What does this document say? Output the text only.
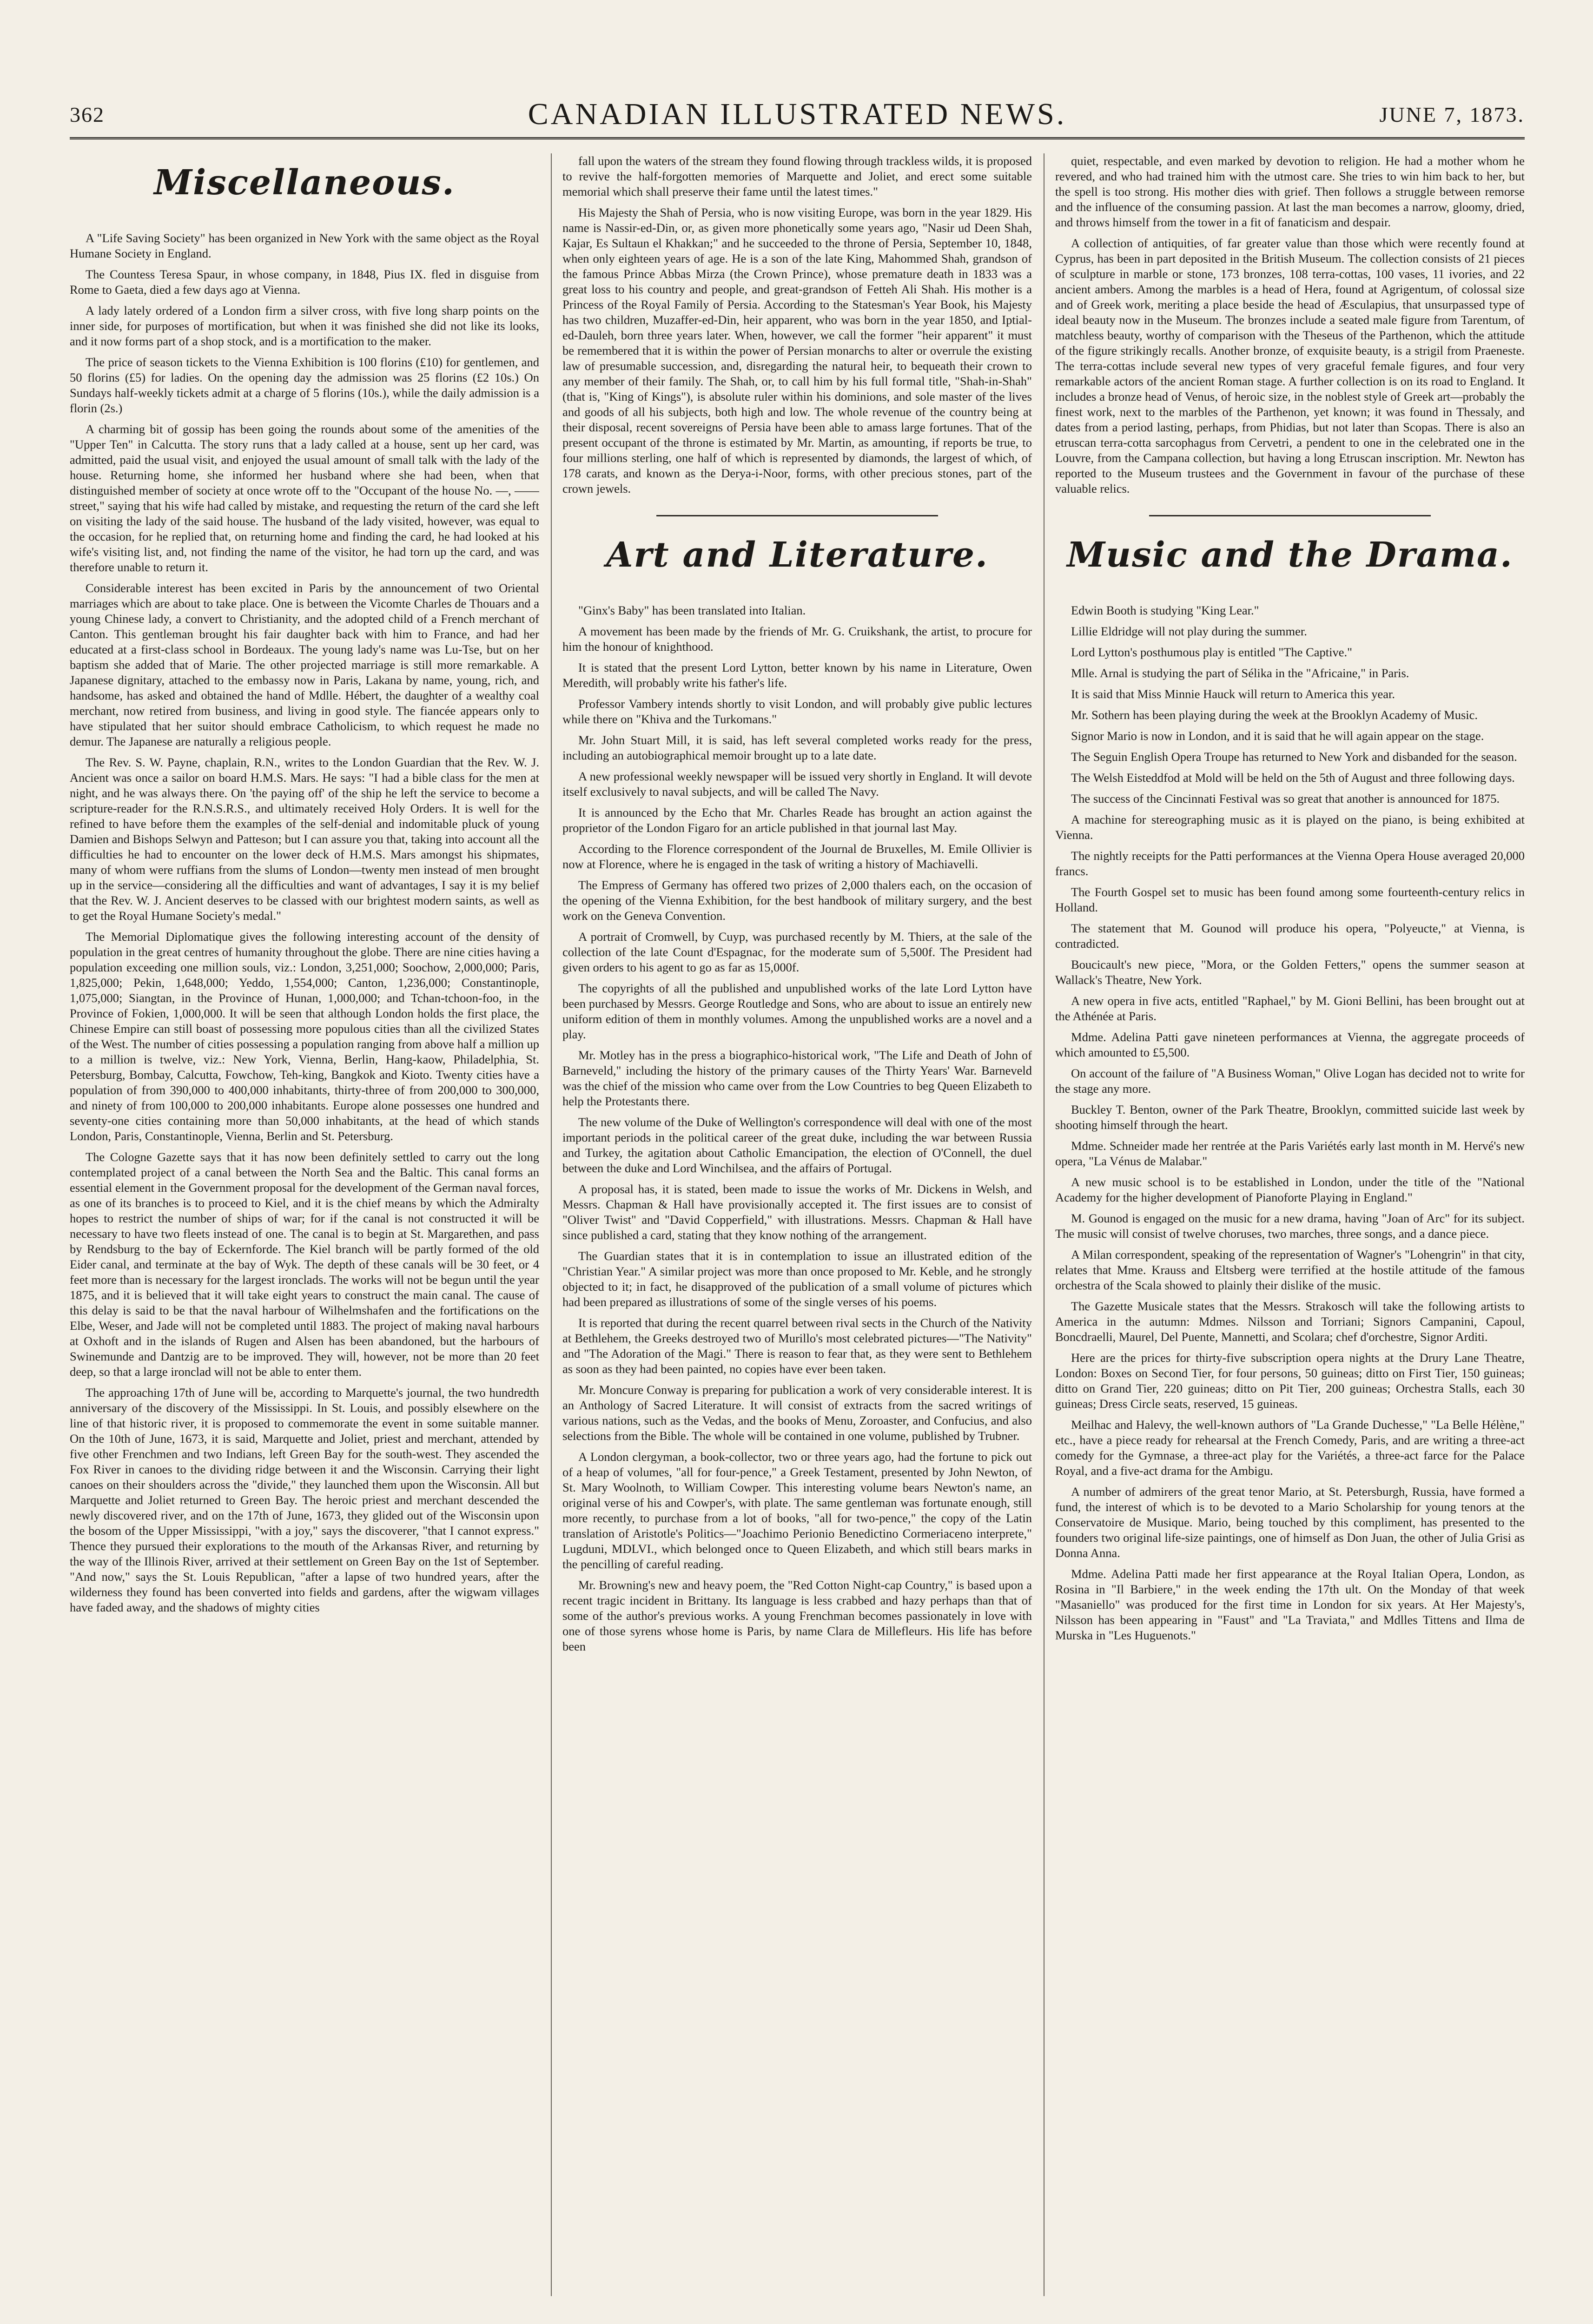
362	CANADIAN ILLUSTRATED NEWS.	JUNE 7, 1873.
Miscellaneous.

A "Life Saving Society" has been organized in New York with the same object as the Royal Humane Society in England.

The Countess Teresa Spaur, in whose company, in 1848, Pius IX. fled in disguise from Rome to Gaeta, died a few days ago at Vienna.

A lady lately ordered of a London firm a silver cross, with five long sharp points on the inner side, for purposes of mortification, but when it was finished she did not like its looks, and it now forms part of a shop stock, and is a mortification to the maker.

The price of season tickets to the Vienna Exhibition is 100 florins (£10) for gentlemen, and 50 florins (£5) for ladies. On the opening day the admission was 25 florins (£2 10s.) On Sundays half-weekly tickets admit at a charge of 5 florins (10s.), while the daily admission is a florin (2s.)

A charming bit of gossip has been going the rounds about some of the amenities of the "Upper Ten" in Calcutta. The story runs that a lady called at a house, sent up her card, was admitted, paid the usual visit, and enjoyed the usual amount of small talk with the lady of the house. Returning home, she informed her husband where she had been, when that distinguished member of society at once wrote off to the "Occupant of the house No. —, —— street," saying that his wife had called by mistake, and requesting the return of the card she left on visiting the lady of the said house. The husband of the lady visited, however, was equal to the occasion, for he replied that, on returning home and finding the card, he had looked at his wife's visiting list, and, not finding the name of the visitor, he had torn up the card, and was therefore unable to return it.

Considerable interest has been excited in Paris by the announcement of two Oriental marriages which are about to take place. One is between the Vicomte Charles de Thouars and a young Chinese lady, a convert to Christianity, and the adopted child of a French merchant of Canton. This gentleman brought his fair daughter back with him to France, and had her educated at a first-class school in Bordeaux. The young lady's name was Lu-Tse, but on her baptism she added that of Marie. The other projected marriage is still more remarkable. A Japanese dignitary, attached to the embassy now in Paris, Lakana by name, young, rich, and handsome, has asked and obtained the hand of Mdlle. Hébert, the daughter of a wealthy coal merchant, now retired from business, and living in good style. The fiancée appears only to have stipulated that her suitor should embrace Catholicism, to which request he made no demur. The Japanese are naturally a religious people.

The Rev. S. W. Payne, chaplain, R.N., writes to the London Guardian that the Rev. W. J. Ancient was once a sailor on board H.M.S. Mars. He says: "I had a bible class for the men at night, and he was always there. On 'the paying off' of the ship he left the service to become a scripture-reader for the R.N.S.R.S., and ultimately received Holy Orders. It is well for the refined to have before them the examples of the self-denial and indomitable pluck of young Damien and Bishops Selwyn and Patteson; but I can assure you that, taking into account all the difficulties he had to encounter on the lower deck of H.M.S. Mars amongst his shipmates, many of whom were ruffians from the slums of London—twenty men instead of men brought up in the service—considering all the difficulties and want of advantages, I say it is my belief that the Rev. W. J. Ancient deserves to be classed with our brightest modern saints, as well as to get the Royal Humane Society's medal."

The Memorial Diplomatique gives the following interesting account of the density of population in the great centres of humanity throughout the globe. There are nine cities having a population exceeding one million souls, viz.: London, 3,251,000; Soochow, 2,000,000; Paris, 1,825,000; Pekin, 1,648,000; Yeddo, 1,554,000; Canton, 1,236,000; Constantinople, 1,075,000; Siangtan, in the Province of Hunan, 1,000,000; and Tchan-tchoon-foo, in the Province of Fokien, 1,000,000. It will be seen that although London holds the first place, the Chinese Empire can still boast of possessing more populous cities than all the civilized States of the West. The number of cities possessing a population ranging from above half a million up to a million is twelve, viz.: New York, Vienna, Berlin, Hang-kaow, Philadelphia, St. Petersburg, Bombay, Calcutta, Fowchow, Teh-king, Bangkok and Kioto. Twenty cities have a population of from 390,000 to 400,000 inhabitants, thirty-three of from 200,000 to 300,000, and ninety of from 100,000 to 200,000 inhabitants. Europe alone possesses one hundred and seventy-one cities containing more than 50,000 inhabitants, at the head of which stands London, Paris, Constantinople, Vienna, Berlin and St. Petersburg.

The Cologne Gazette says that it has now been definitely settled to carry out the long contemplated project of a canal between the North Sea and the Baltic. This canal forms an essential element in the Government proposal for the development of the German naval forces, as one of its branches is to proceed to Kiel, and it is the chief means by which the Admiralty hopes to restrict the number of ships of war; for if the canal is not constructed it will be necessary to have two fleets instead of one. The canal is to begin at St. Margarethen, and pass by Rendsburg to the bay of Eckernforde. The Kiel branch will be partly formed of the old Eider canal, and terminate at the bay of Wyk. The depth of these canals will be 30 feet, or 4 feet more than is necessary for the largest ironclads. The works will not be begun until the year 1875, and it is believed that it will take eight years to construct the main canal. The cause of this delay is said to be that the naval harbour of Wilhelmshafen and the fortifications on the Elbe, Weser, and Jade will not be completed until 1883. The project of making naval harbours at Oxhoft and in the islands of Rugen and Alsen has been abandoned, but the harbours of Swinemunde and Dantzig are to be improved. They will, however, not be more than 20 feet deep, so that a large ironclad will not be able to enter them.

The approaching 17th of June will be, according to Marquette's journal, the two hundredth anniversary of the discovery of the Mississippi. In St. Louis, and possibly elsewhere on the line of that historic river, it is proposed to commemorate the event in some suitable manner. On the 10th of June, 1673, it is said, Marquette and Joliet, priest and merchant, attended by five other Frenchmen and two Indians, left Green Bay for the south-west. They ascended the Fox River in canoes to the dividing ridge between it and the Wisconsin. Carrying their light canoes on their shoulders across the "divide," they launched them upon the Wisconsin. All but Marquette and Joliet returned to Green Bay. The heroic priest and merchant descended the newly discovered river, and on the 17th of June, 1673, they glided out of the Wisconsin upon the bosom of the Upper Mississippi, "with a joy," says the discoverer, "that I cannot express." Thence they pursued their explorations to the mouth of the Arkansas River, and returning by the way of the Illinois River, arrived at their settlement on Green Bay on the 1st of September. "And now," says the St. Louis Republican, "after a lapse of two hundred years, after the wilderness they found has been converted into fields and gardens, after the wigwam villages have faded away, and the shadows of mighty cities

fall upon the waters of the stream they found flowing through trackless wilds, it is proposed to revive the half-forgotten memories of Marquette and Joliet, and erect some suitable memorial which shall preserve their fame until the latest times."

His Majesty the Shah of Persia, who is now visiting Europe, was born in the year 1829. His name is Nassir-ed-Din, or, as given more phonetically some years ago, "Nasir ud Deen Shah, Kajar, Es Sultaun el Khakkan;" and he succeeded to the throne of Persia, September 10, 1848, when only eighteen years of age. He is a son of the late King, Mahommed Shah, grandson of the famous Prince Abbas Mirza (the Crown Prince), whose premature death in 1833 was a great loss to his country and people, and great-grandson of Fetteh Ali Shah. His mother is a Princess of the Royal Family of Persia. According to the Statesman's Year Book, his Majesty has two children, Muzaffer-ed-Din, heir apparent, who was born in the year 1850, and Iptial-ed-Dauleh, born three years later. When, however, we call the former "heir apparent" it must be remembered that it is within the power of Persian monarchs to alter or overrule the existing law of presumable succession, and, disregarding the natural heir, to bequeath their crown to any member of their family. The Shah, or, to call him by his full formal title, "Shah-in-Shah" (that is, "King of Kings"), is absolute ruler within his dominions, and sole master of the lives and goods of all his subjects, both high and low. The whole revenue of the country being at their disposal, recent sovereigns of Persia have been able to amass large fortunes. That of the present occupant of the throne is estimated by Mr. Martin, as amounting, if reports be true, to four millions sterling, one half of which is represented by diamonds, the largest of which, of 178 carats, and known as the Derya-i-Noor, forms, with other precious stones, part of the crown jewels.

Art and Literature.

"Ginx's Baby" has been translated into Italian.

A movement has been made by the friends of Mr. G. Cruikshank, the artist, to procure for him the honour of knighthood.

It is stated that the present Lord Lytton, better known by his name in Literature, Owen Meredith, will probably write his father's life.

Professor Vambery intends shortly to visit London, and will probably give public lectures while there on "Khiva and the Turkomans."

Mr. John Stuart Mill, it is said, has left several completed works ready for the press, including an autobiographical memoir brought up to a late date.

A new professional weekly newspaper will be issued very shortly in England. It will devote itself exclusively to naval subjects, and will be called The Navy.

It is announced by the Echo that Mr. Charles Reade has brought an action against the proprietor of the London Figaro for an article published in that journal last May.

According to the Florence correspondent of the Journal de Bruxelles, M. Emile Ollivier is now at Florence, where he is engaged in the task of writing a history of Machiavelli.

The Empress of Germany has offered two prizes of 2,000 thalers each, on the occasion of the opening of the Vienna Exhibition, for the best handbook of military surgery, and the best work on the Geneva Convention.

A portrait of Cromwell, by Cuyp, was purchased recently by M. Thiers, at the sale of the collection of the late Count d'Espagnac, for the moderate sum of 5,500f. The President had given orders to his agent to go as far as 15,000f.

The copyrights of all the published and unpublished works of the late Lord Lytton have been purchased by Messrs. George Routledge and Sons, who are about to issue an entirely new uniform edition of them in monthly volumes. Among the unpublished works are a novel and a play.

Mr. Motley has in the press a biographico-historical work, "The Life and Death of John of Barneveld," including the history of the primary causes of the Thirty Years' War. Barneveld was the chief of the mission who came over from the Low Countries to beg Queen Elizabeth to help the Protestants there.

The new volume of the Duke of Wellington's correspondence will deal with one of the most important periods in the political career of the great duke, including the war between Russia and Turkey, the agitation about Catholic Emancipation, the election of O'Connell, the duel between the duke and Lord Winchilsea, and the affairs of Portugal.

A proposal has, it is stated, been made to issue the works of Mr. Dickens in Welsh, and Messrs. Chapman & Hall have provisionally accepted it. The first issues are to consist of "Oliver Twist" and "David Copperfield," with illustrations. Messrs. Chapman & Hall have since published a card, stating that they know nothing of the arrangement.

The Guardian states that it is in contemplation to issue an illustrated edition of the "Christian Year." A similar project was more than once proposed to Mr. Keble, and he strongly objected to it; in fact, he disapproved of the publication of a small volume of pictures which had been prepared as illustrations of some of the single verses of his poems.

It is reported that during the recent quarrel between rival sects in the Church of the Nativity at Bethlehem, the Greeks destroyed two of Murillo's most celebrated pictures—"The Nativity" and "The Adoration of the Magi." There is reason to fear that, as they were sent to Bethlehem as soon as they had been painted, no copies have ever been taken.

Mr. Moncure Conway is preparing for publication a work of very considerable interest. It is an Anthology of Sacred Literature. It will consist of extracts from the sacred writings of various nations, such as the Vedas, and the books of Menu, Zoroaster, and Confucius, and also selections from the Bible. The whole will be contained in one volume, published by Trubner.

A London clergyman, a book-collector, two or three years ago, had the fortune to pick out of a heap of volumes, "all for four-pence," a Greek Testament, presented by John Newton, of St. Mary Woolnoth, to William Cowper. This interesting volume bears Newton's name, an original verse of his and Cowper's, with plate. The same gentleman was fortunate enough, still more recently, to purchase from a lot of books, "all for two-pence," the copy of the Latin translation of Aristotle's Politics—"Joachimo Perionio Benedictino Cormeriaceno interprete," Lugduni, MDLVI., which belonged once to Queen Elizabeth, and which still bears marks in the pencilling of careful reading.

Mr. Browning's new and heavy poem, the "Red Cotton Night-cap Country," is based upon a recent tragic incident in Brittany. Its language is less crabbed and hazy perhaps than that of some of the author's previous works. A young Frenchman becomes passionately in love with one of those syrens whose home is Paris, by name Clara de Millefleurs. His life has before been

quiet, respectable, and even marked by devotion to religion. He had a mother whom he revered, and who had trained him with the utmost care. She tries to win him back to her, but the spell is too strong. His mother dies with grief. Then follows a struggle between remorse and the influence of the consuming passion. At last the man becomes a narrow, gloomy, dried, and throws himself from the tower in a fit of fanaticism and despair.

A collection of antiquities, of far greater value than those which were recently found at Cyprus, has been in part deposited in the British Museum. The collection consists of 21 pieces of sculpture in marble or stone, 173 bronzes, 108 terra-cottas, 100 vases, 11 ivories, and 22 ancient ambers. Among the marbles is a head of Hera, found at Agrigentum, of colossal size and of Greek work, meriting a place beside the head of Æsculapius, that unsurpassed type of ideal beauty now in the Museum. The bronzes include a seated male figure from Tarentum, of matchless beauty, worthy of comparison with the Theseus of the Parthenon, which the attitude of the figure strikingly recalls. Another bronze, of exquisite beauty, is a strigil from Praeneste. The terra-cottas include several new types of very graceful female figures, and four very remarkable actors of the ancient Roman stage. A further collection is on its road to England. It includes a bronze head of Venus, of heroic size, in the noblest style of Greek art—probably the finest work, next to the marbles of the Parthenon, yet known; it was found in Thessaly, and dates from a period lasting, perhaps, from Phidias, but not later than Scopas. There is also an etruscan terra-cotta sarcophagus from Cervetri, a pendent to one in the celebrated one in the Louvre, from the Campana collection, but having a long Etruscan inscription. Mr. Newton has reported to the Museum trustees and the Government in favour of the purchase of these valuable relics.

Music and the Drama.

Edwin Booth is studying "King Lear."

Lillie Eldridge will not play during the summer.

Lord Lytton's posthumous play is entitled "The Captive."

Mlle. Arnal is studying the part of Sélika in the "Africaine," in Paris.

It is said that Miss Minnie Hauck will return to America this year.

Mr. Sothern has been playing during the week at the Brooklyn Academy of Music.

Signor Mario is now in London, and it is said that he will again appear on the stage.

The Seguin English Opera Troupe has returned to New York and disbanded for the season.

The Welsh Eisteddfod at Mold will be held on the 5th of August and three following days.

The success of the Cincinnati Festival was so great that another is announced for 1875.

A machine for stereographing music as it is played on the piano, is being exhibited at Vienna.

The nightly receipts for the Patti performances at the Vienna Opera House averaged 20,000 francs.

The Fourth Gospel set to music has been found among some fourteenth-century relics in Holland.

The statement that M. Gounod will produce his opera, "Polyeucte," at Vienna, is contradicted.

Boucicault's new piece, "Mora, or the Golden Fetters," opens the summer season at Wallack's Theatre, New York.

A new opera in five acts, entitled "Raphael," by M. Gioni Bellini, has been brought out at the Athénée at Paris.

Mdme. Adelina Patti gave nineteen performances at Vienna, the aggregate proceeds of which amounted to £5,500.

On account of the failure of "A Business Woman," Olive Logan has decided not to write for the stage any more.

Buckley T. Benton, owner of the Park Theatre, Brooklyn, committed suicide last week by shooting himself through the heart.

Mdme. Schneider made her rentrée at the Paris Variétés early last month in M. Hervé's new opera, "La Vénus de Malabar."

A new music school is to be established in London, under the title of the "National Academy for the higher development of Pianoforte Playing in England."

M. Gounod is engaged on the music for a new drama, having "Joan of Arc" for its subject. The music will consist of twelve choruses, two marches, three songs, and a dance piece.

A Milan correspondent, speaking of the representation of Wagner's "Lohengrin" in that city, relates that Mme. Krauss and Eltsberg were terrified at the hostile attitude of the famous orchestra of the Scala showed to plainly their dislike of the music.

The Gazette Musicale states that the Messrs. Strakosch will take the following artists to America in the autumn: Mdmes. Nilsson and Torriani; Signors Campanini, Capoul, Boncdraelli, Maurel, Del Puente, Mannetti, and Scolara; chef d'orchestre, Signor Arditi.

Here are the prices for thirty-five subscription opera nights at the Drury Lane Theatre, London: Boxes on Second Tier, for four persons, 50 guineas; ditto on First Tier, 150 guineas; ditto on Grand Tier, 220 guineas; ditto on Pit Tier, 200 guineas; Orchestra Stalls, each 30 guineas; Dress Circle seats, reserved, 15 guineas.

Meilhac and Halevy, the well-known authors of "La Grande Duchesse," "La Belle Hélène," etc., have a piece ready for rehearsal at the French Comedy, Paris, and are writing a three-act comedy for the Gymnase, a three-act play for the Variétés, a three-act farce for the Palace Royal, and a five-act drama for the Ambigu.

A number of admirers of the great tenor Mario, at St. Petersburgh, Russia, have formed a fund, the interest of which is to be devoted to a Mario Scholarship for young tenors at the Conservatoire de Musique. Mario, being touched by this compliment, has presented to the founders two original life-size paintings, one of himself as Don Juan, the other of Julia Grisi as Donna Anna.

Mdme. Adelina Patti made her first appearance at the Royal Italian Opera, London, as Rosina in "Il Barbiere," in the week ending the 17th ult. On the Monday of that week "Masaniello" was produced for the first time in London for six years. At Her Majesty's, Nilsson has been appearing in "Faust" and "La Traviata," and Mdlles Tittens and Ilma de Murska in "Les Huguenots."
